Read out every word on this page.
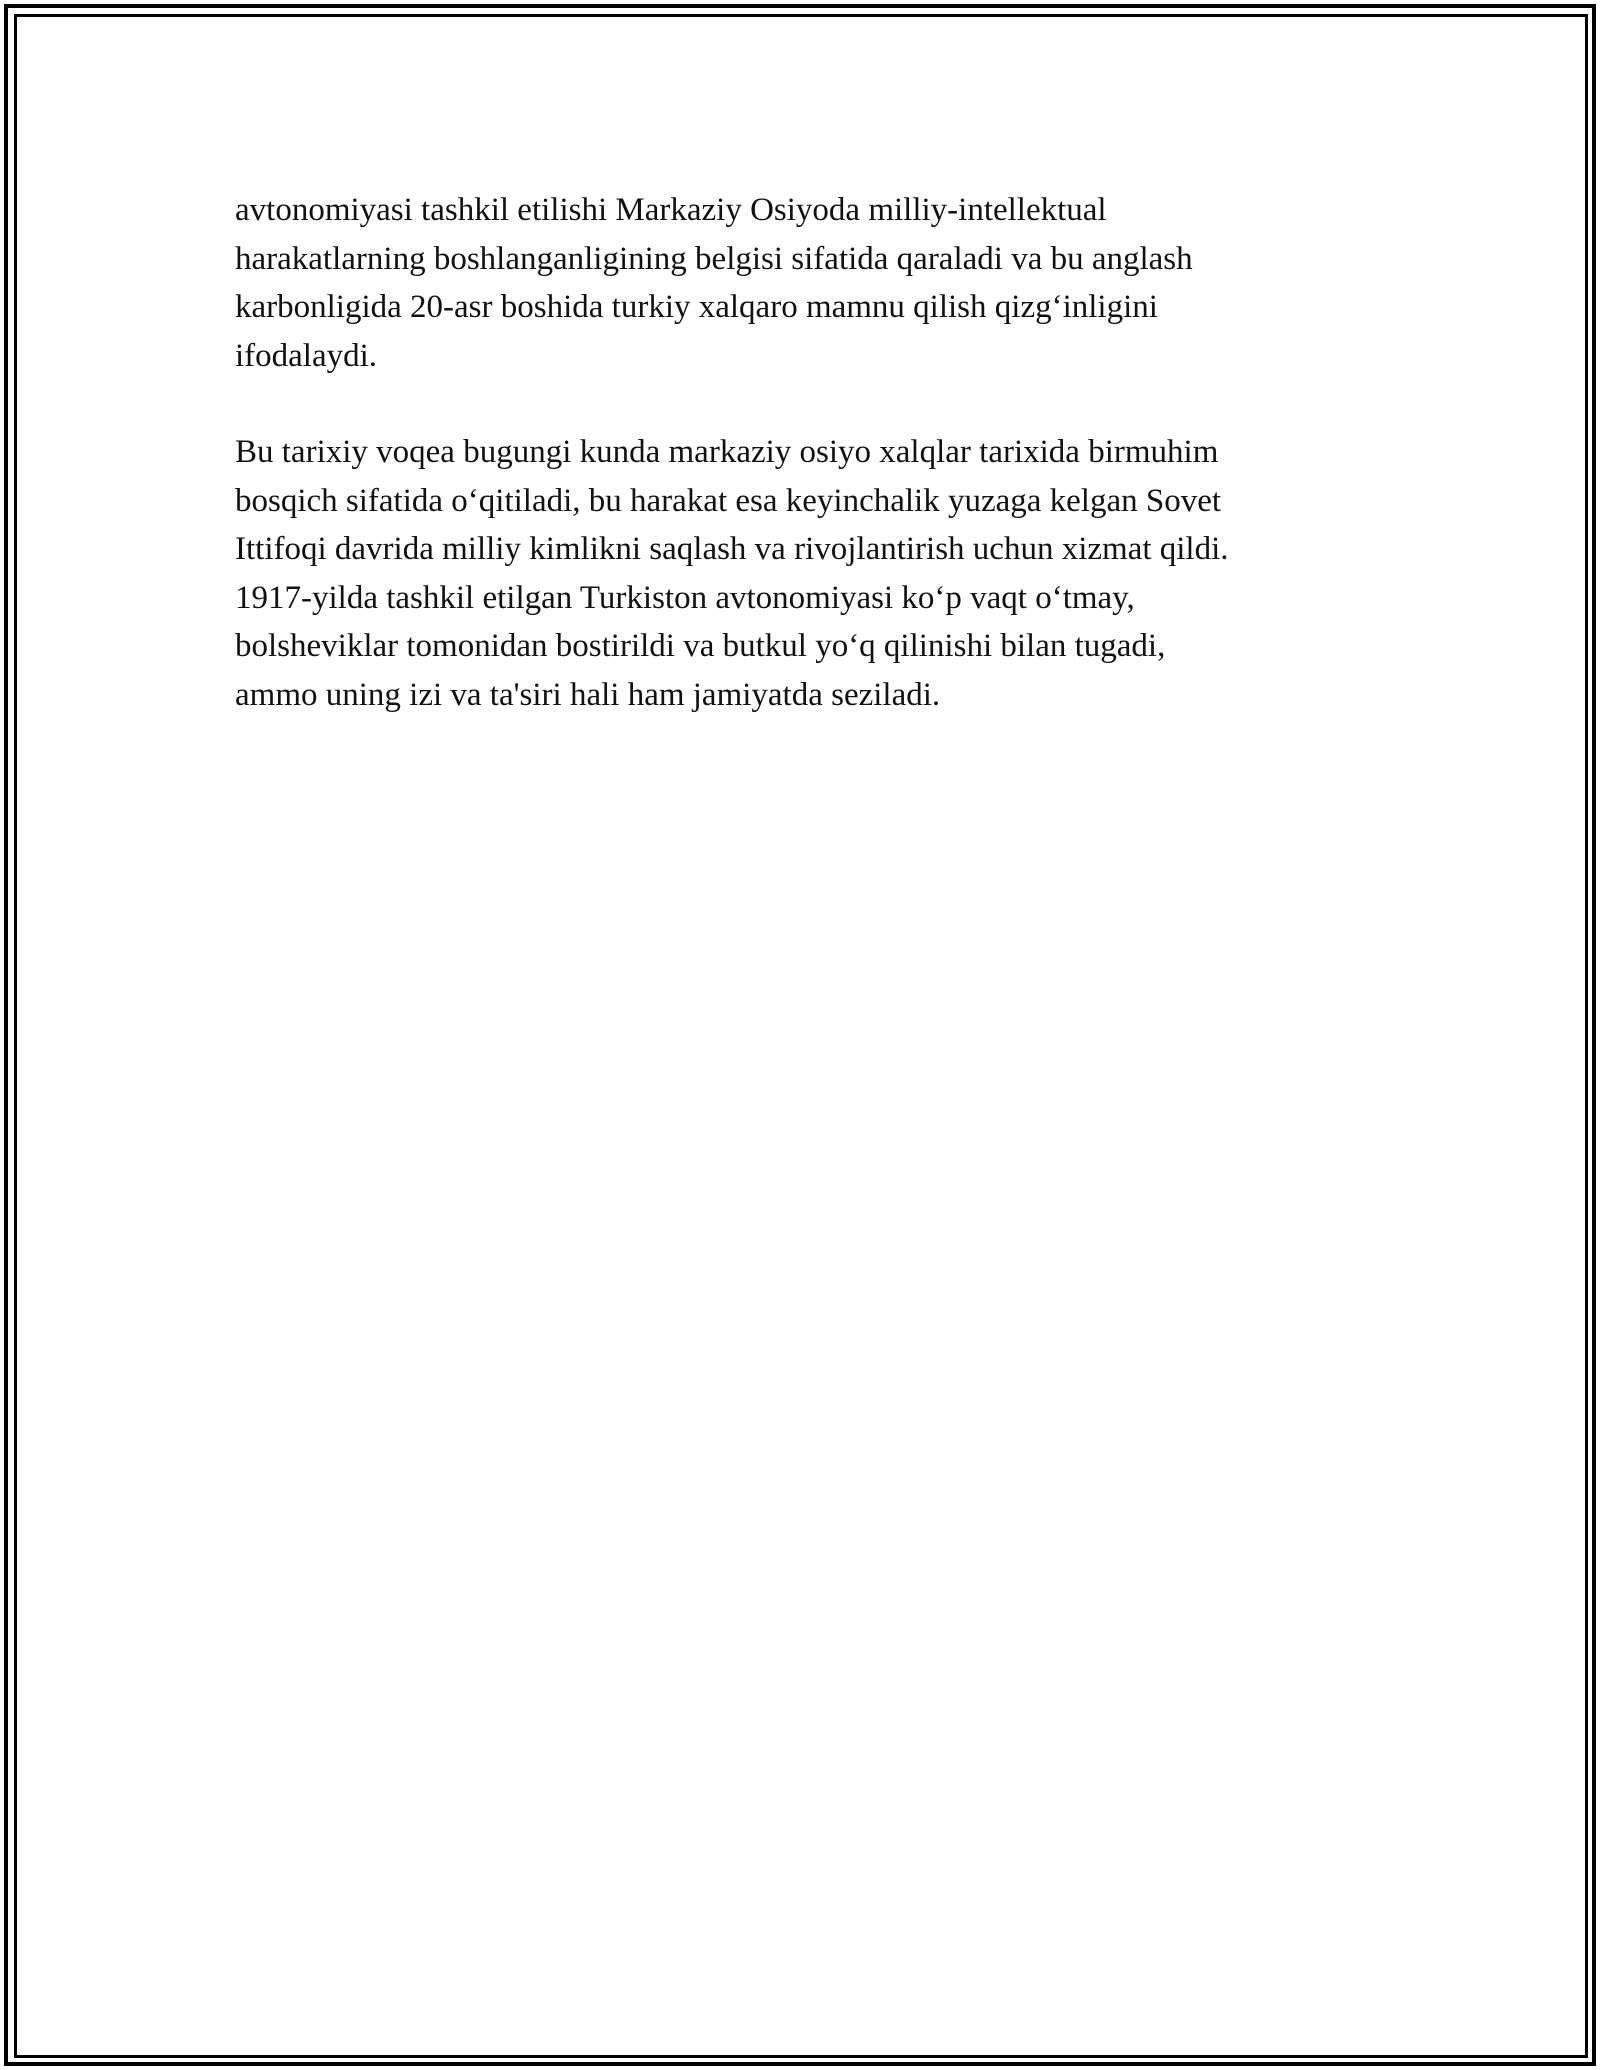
avtonomiyasi tashkil etilishi Markaziy Osiyoda milliy-intellektual
harakatlarning boshlanganligining belgisi sifatida qaraladi va bu anglash
karbonligida 20-asr boshida turkiy xalqaro mamnu qilish qizg‘inligini
ifodalaydi.

Bu tarixiy voqea bugungi kunda markaziy osiyo xalqlar tarixida birmuhim
bosqich sifatida o‘qitiladi, bu harakat esa keyinchalik yuzaga kelgan Sovet
Ittifoqi davrida milliy kimlikni saqlash va rivojlantirish uchun xizmat qildi.
1917-yilda tashkil etilgan Turkiston avtonomiyasi ko‘p vaqt o‘tmay,
bolsheviklar tomonidan bostirildi va butkul yo‘q qilinishi bilan tugadi,
ammo uning izi va ta'siri hali ham jamiyatda seziladi.
